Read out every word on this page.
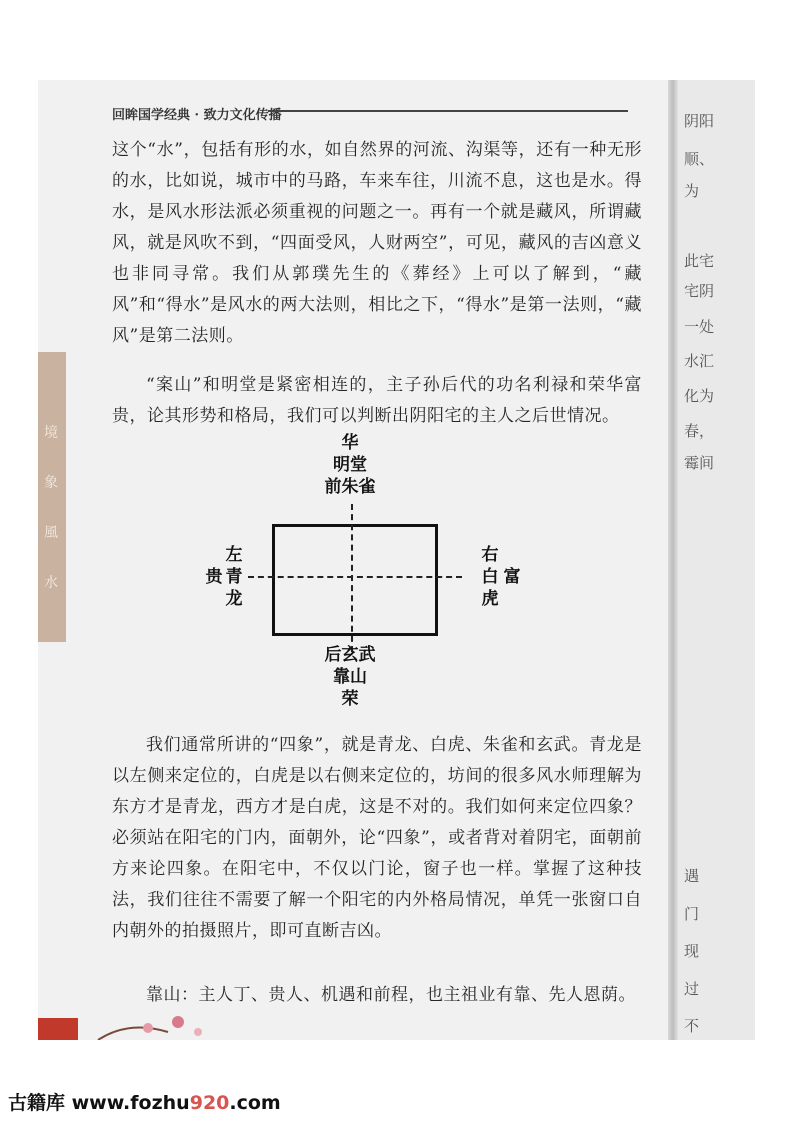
境
象
風
水
回眸国学经典 · 致力文化传播
这个“水”，包括有形的水，如自然界的河流、沟渠等，还有一种无形的水，比如说，城市中的马路，车来车往，川流不息，这也是水。得水，是风水形法派必须重视的问题之一。再有一个就是藏风，所谓藏风，就是风吹不到，“四面受风，人财两空”，可见，藏风的吉凶意义也非同寻常。我们从郭璞先生的《葬经》上可以了解到，“藏风”和“得水”是风水的两大法则，相比之下，“得水”是第一法则，“藏风”是第二法则。
“案山”和明堂是紧密相连的，主子孙后代的功名利禄和荣华富贵，论其形势和格局，我们可以判断出阴阳宅的主人之后世情况。
华
明堂
前朱雀
贵
左
青
龙
右
白
虎
富
后玄武
靠山
荣
我们通常所讲的“四象”，就是青龙、白虎、朱雀和玄武。青龙是以左侧来定位的，白虎是以右侧来定位的，坊间的很多风水师理解为东方才是青龙，西方才是白虎，这是不对的。我们如何来定位四象？必须站在阳宅的门内，面朝外，论“四象”，或者背对着阴宅，面朝前方来论四象。在阳宅中，不仅以门论，窗子也一样。掌握了这种技法，我们往往不需要了解一个阳宅的内外格局情况，单凭一张窗口自内朝外的拍摄照片，即可直断吉凶。
靠山：主人丁、贵人、机遇和前程，也主祖业有靠、先人恩荫。
阴阳
顺、
为
此宅
宅阴
一处
水汇
化为
春，
霉间
遇
门
现
过
不
古籍库 www.fozhu920.com
